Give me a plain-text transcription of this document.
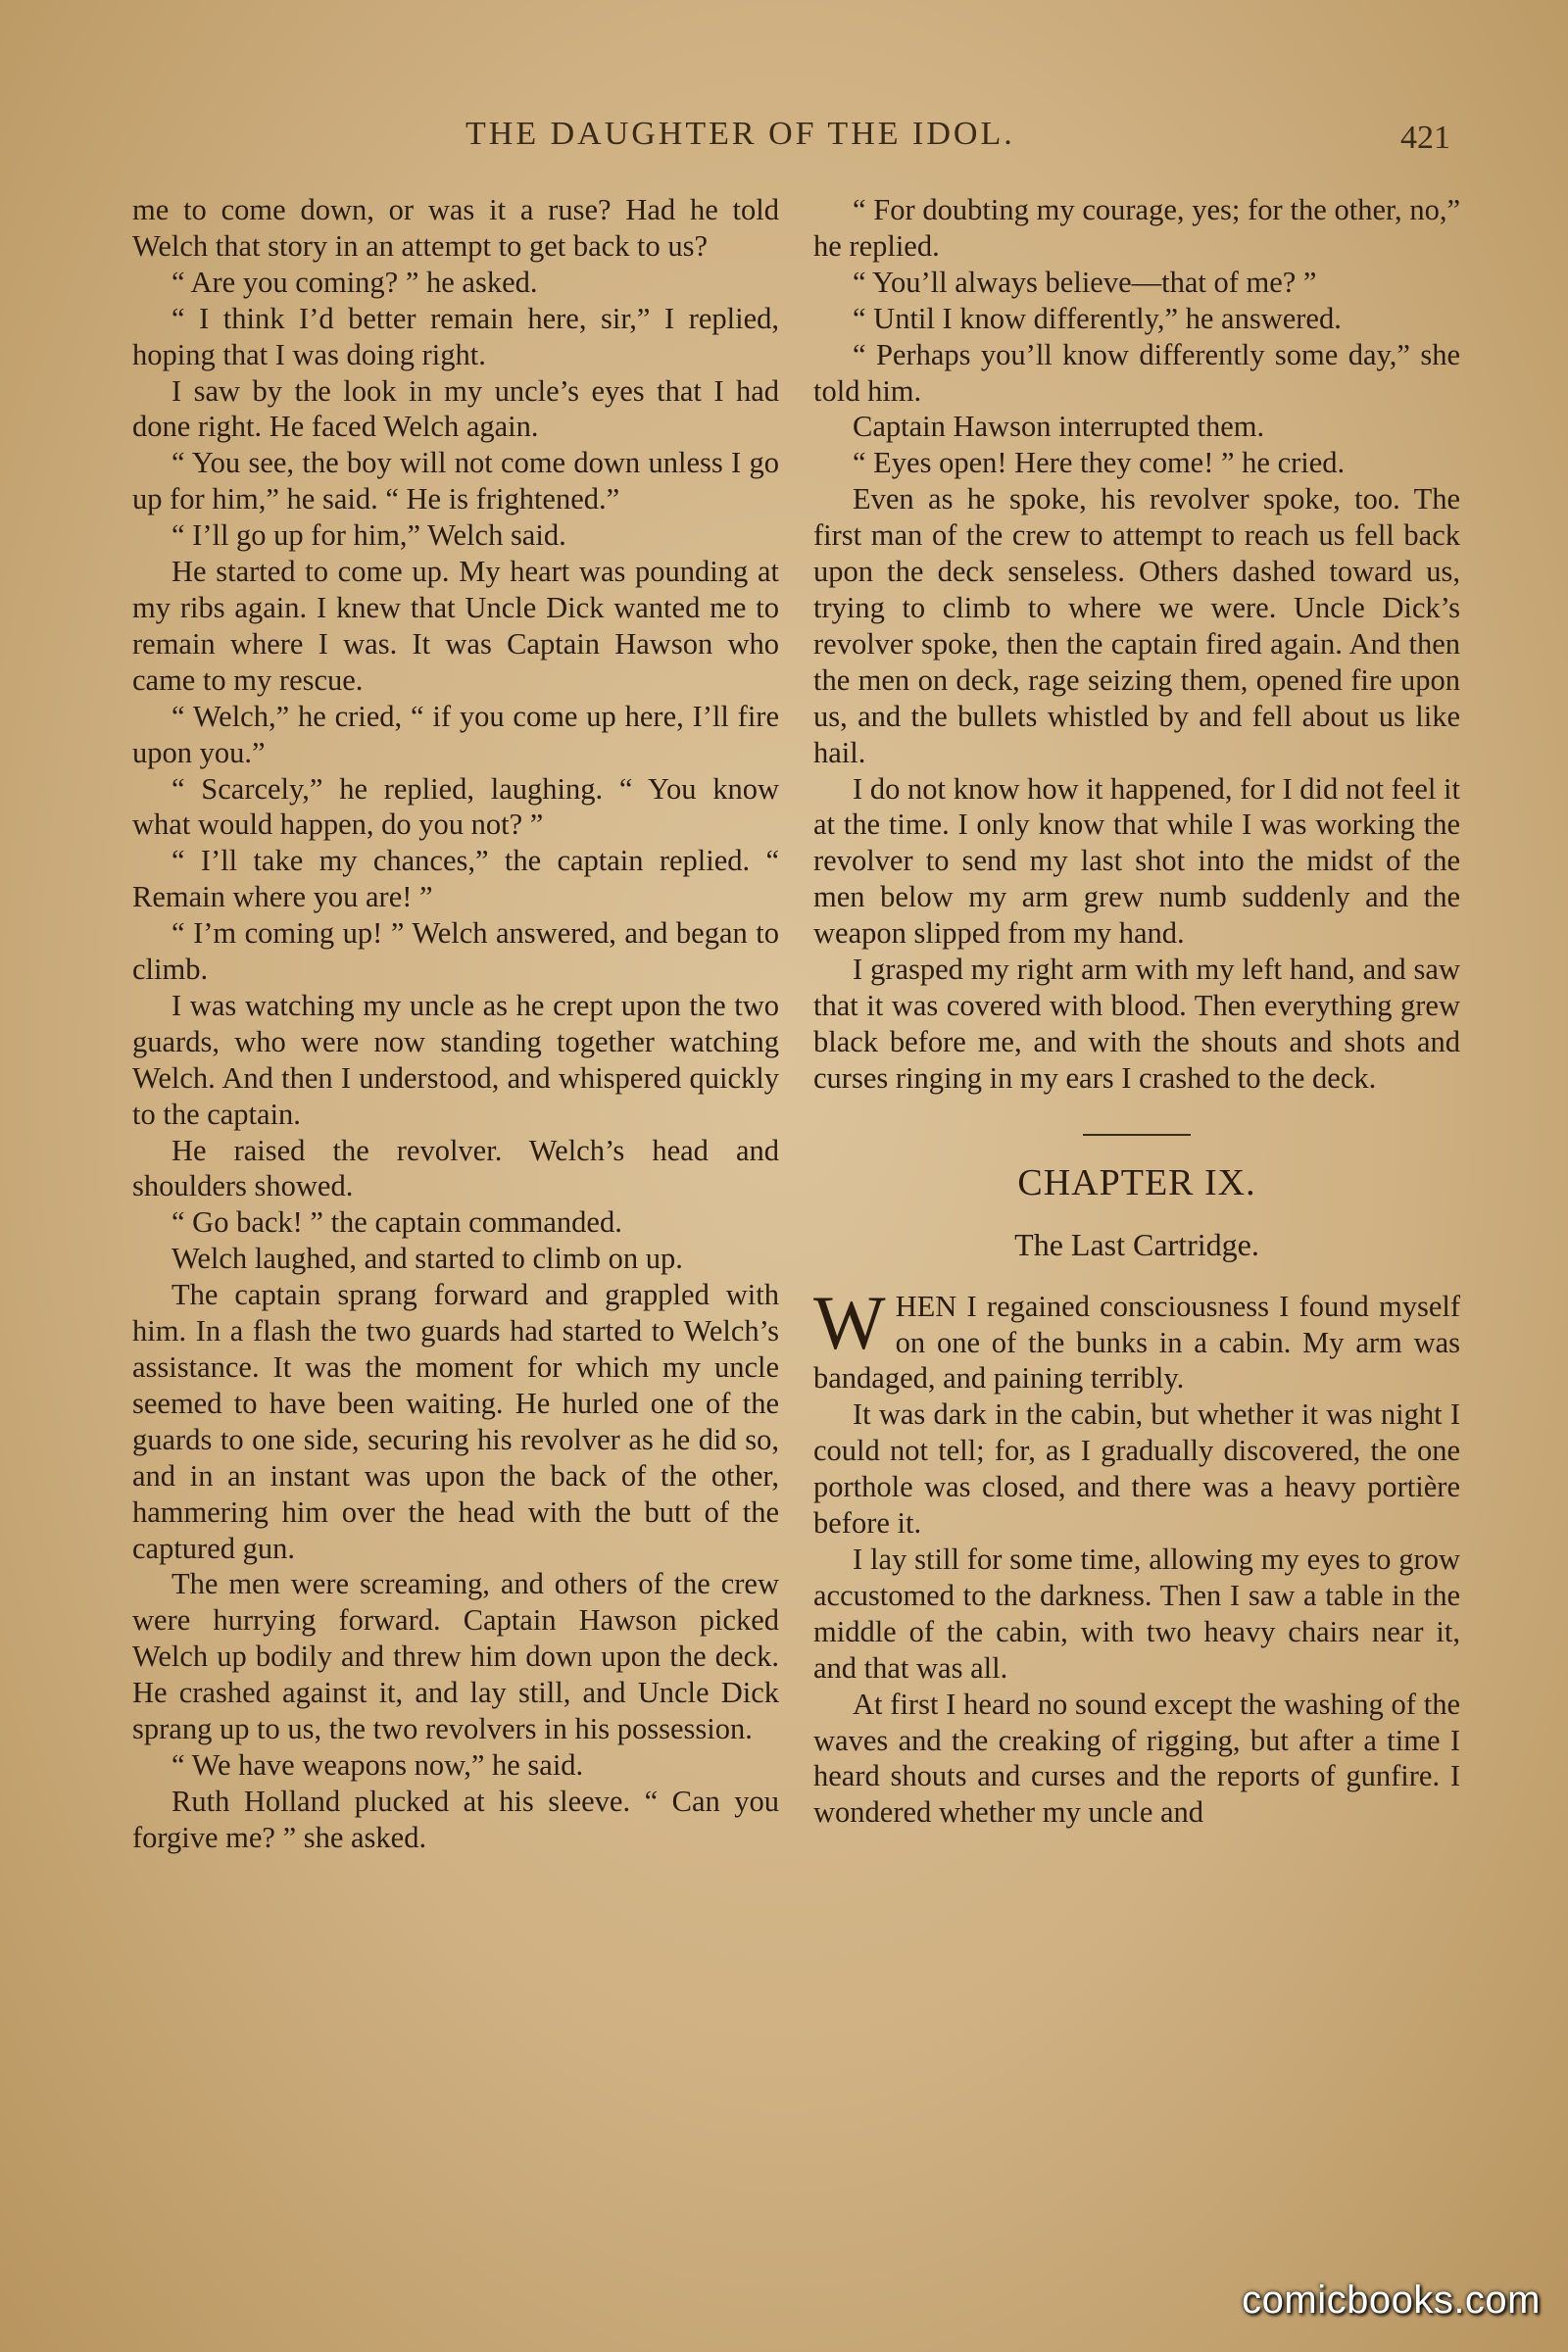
THE DAUGHTER OF THE IDOL.	421

me to come down, or was it a ruse? Had he told Welch that story in an attempt to get back to us?

“ Are you coming? ” he asked.

“ I think I’d better remain here, sir,” I replied, hoping that I was doing right.

I saw by the look in my uncle’s eyes that I had done right. He faced Welch again.

“ You see, the boy will not come down unless I go up for him,” he said. “ He is frightened.”

“ I’ll go up for him,” Welch said.

He started to come up. My heart was pounding at my ribs again. I knew that Uncle Dick wanted me to remain where I was. It was Captain Hawson who came to my rescue.

“ Welch,” he cried, “ if you come up here, I’ll fire upon you.”

“ Scarcely,” he replied, laughing. “ You know what would happen, do you not? ”

“ I’ll take my chances,” the captain replied. “ Remain where you are! ”

“ I’m coming up! ” Welch answered, and began to climb.

I was watching my uncle as he crept upon the two guards, who were now standing together watching Welch. And then I understood, and whispered quickly to the captain.

He raised the revolver. Welch’s head and shoulders showed.

“ Go back! ” the captain commanded.

Welch laughed, and started to climb on up.

The captain sprang forward and grappled with him. In a flash the two guards had started to Welch’s assistance. It was the moment for which my uncle seemed to have been waiting. He hurled one of the guards to one side, securing his revolver as he did so, and in an instant was upon the back of the other, hammering him over the head with the butt of the captured gun.

The men were screaming, and others of the crew were hurrying forward. Captain Hawson picked Welch up bodily and threw him down upon the deck. He crashed against it, and lay still, and Uncle Dick sprang up to us, the two revolvers in his possession.

“ We have weapons now,” he said.

Ruth Holland plucked at his sleeve. “ Can you forgive me? ” she asked.

“ For doubting my courage, yes; for the other, no,” he replied.

“ You’ll always believe—that of me? ”

“ Until I know differently,” he answered.

“ Perhaps you’ll know differently some day,” she told him.

Captain Hawson interrupted them.

“ Eyes open! Here they come! ” he cried.

Even as he spoke, his revolver spoke, too. The first man of the crew to attempt to reach us fell back upon the deck senseless. Others dashed toward us, trying to climb to where we were. Uncle Dick’s revolver spoke, then the captain fired again. And then the men on deck, rage seizing them, opened fire upon us, and the bullets whistled by and fell about us like hail.

I do not know how it happened, for I did not feel it at the time. I only know that while I was working the revolver to send my last shot into the midst of the men below my arm grew numb suddenly and the weapon slipped from my hand.

I grasped my right arm with my left hand, and saw that it was covered with blood. Then everything grew black before me, and with the shouts and shots and curses ringing in my ears I crashed to the deck.

CHAPTER IX.
The Last Cartridge.

WHEN I regained consciousness I found myself on one of the bunks in a cabin. My arm was bandaged, and paining terribly.

It was dark in the cabin, but whether it was night I could not tell; for, as I gradually discovered, the one porthole was closed, and there was a heavy portière before it.

I lay still for some time, allowing my eyes to grow accustomed to the darkness. Then I saw a table in the middle of the cabin, with two heavy chairs near it, and that was all.

At first I heard no sound except the washing of the waves and the creaking of rigging, but after a time I heard shouts and curses and the reports of gunfire. I wondered whether my uncle and

comicbooks.com
